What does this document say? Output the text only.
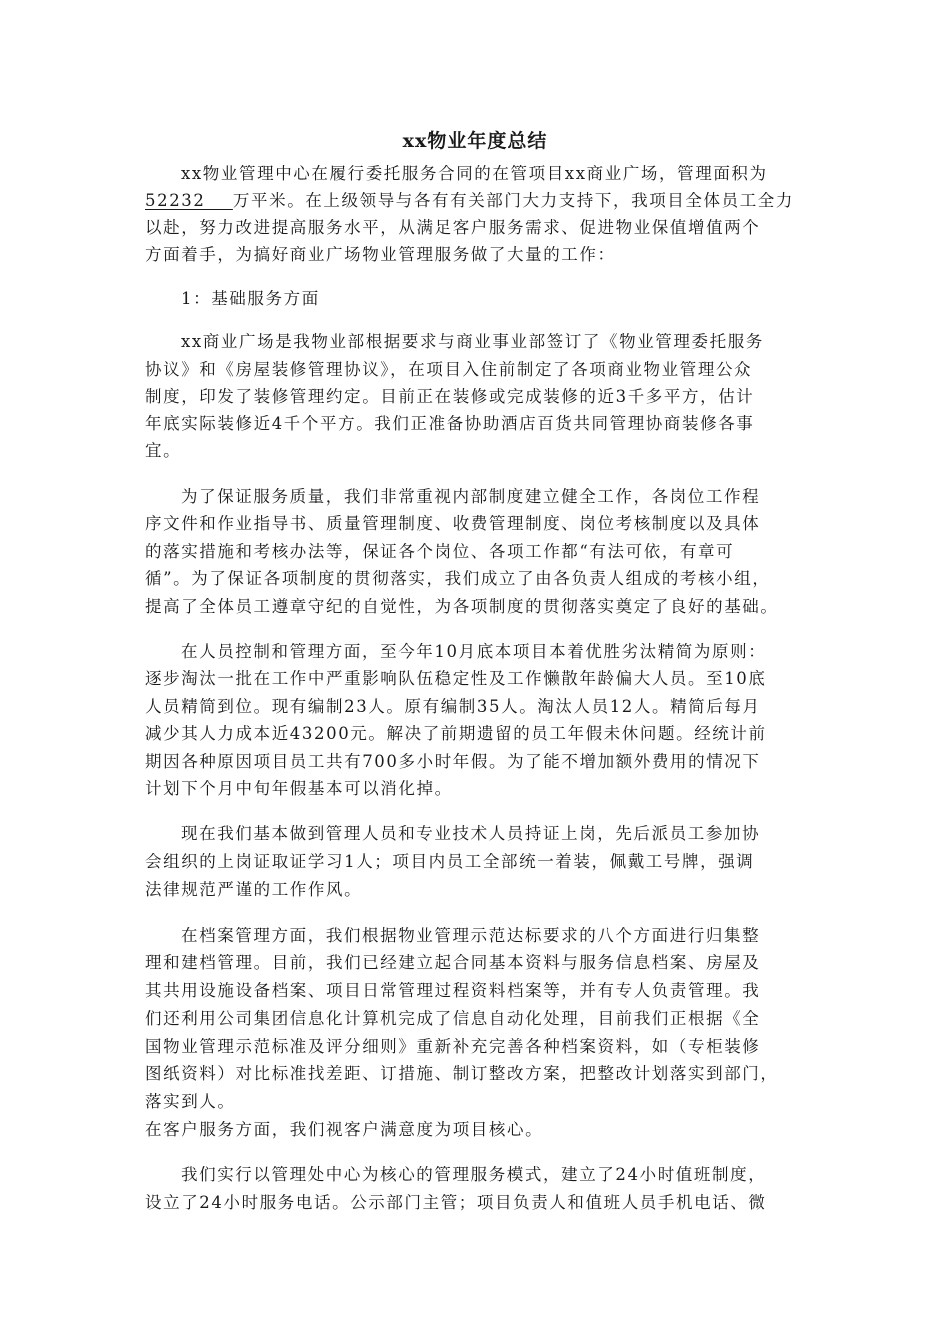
xx物业年度总结
xx物业管理中心在履行委托服务合同的在管项目xx商业广场，管理面积为
52232 万平米。在上级领导与各有有关部门大力支持下，我项目全体员工全力
以赴，努力改进提高服务水平，从满足客户服务需求、促进物业保值增值两个
方面着手，为搞好商业广场物业管理服务做了大量的工作：
1：基础服务方面
xx商业广场是我物业部根据要求与商业事业部签订了《物业管理委托服务
协议》和《房屋装修管理协议》，在项目入住前制定了各项商业物业管理公众
制度，印发了装修管理约定。目前正在装修或完成装修的近3千多平方，估计
年底实际装修近4千个平方。我们正准备协助酒店百货共同管理协商装修各事
宜。
为了保证服务质量，我们非常重视内部制度建立健全工作，各岗位工作程
序文件和作业指导书、质量管理制度、收费管理制度、岗位考核制度以及具体
的落实措施和考核办法等，保证各个岗位、各项工作都“有法可依，有章可
循”。为了保证各项制度的贯彻落实，我们成立了由各负责人组成的考核小组，
提高了全体员工遵章守纪的自觉性，为各项制度的贯彻落实奠定了良好的基础。
在人员控制和管理方面，至今年10月底本项目本着优胜劣汰精简为原则：
逐步淘汰一批在工作中严重影响队伍稳定性及工作懒散年龄偏大人员。至10底
人员精简到位。现有编制23人。原有编制35人。淘汰人员12人。精简后每月
减少其人力成本近43200元。解决了前期遗留的员工年假未休问题。经统计前
期因各种原因项目员工共有700多小时年假。为了能不增加额外费用的情况下
计划下个月中旬年假基本可以消化掉。
现在我们基本做到管理人员和专业技术人员持证上岗，先后派员工参加协
会组织的上岗证取证学习1人；项目内员工全部统一着装，佩戴工号牌，强调
法律规范严谨的工作作风。
在档案管理方面，我们根据物业管理示范达标要求的八个方面进行归集整
理和建档管理。目前，我们已经建立起合同基本资料与服务信息档案、房屋及
其共用设施设备档案、项目日常管理过程资料档案等，并有专人负责管理。我
们还利用公司集团信息化计算机完成了信息自动化处理，目前我们正根据《全
国物业管理示范标准及评分细则》重新补充完善各种档案资料，如（专柜装修
图纸资料）对比标准找差距、订措施、制订整改方案，把整改计划落实到部门，
落实到人。
在客户服务方面，我们视客户满意度为项目核心。
我们实行以管理处中心为核心的管理服务模式，建立了24小时值班制度，
设立了24小时服务电话。公示部门主管；项目负责人和值班人员手机电话、微
